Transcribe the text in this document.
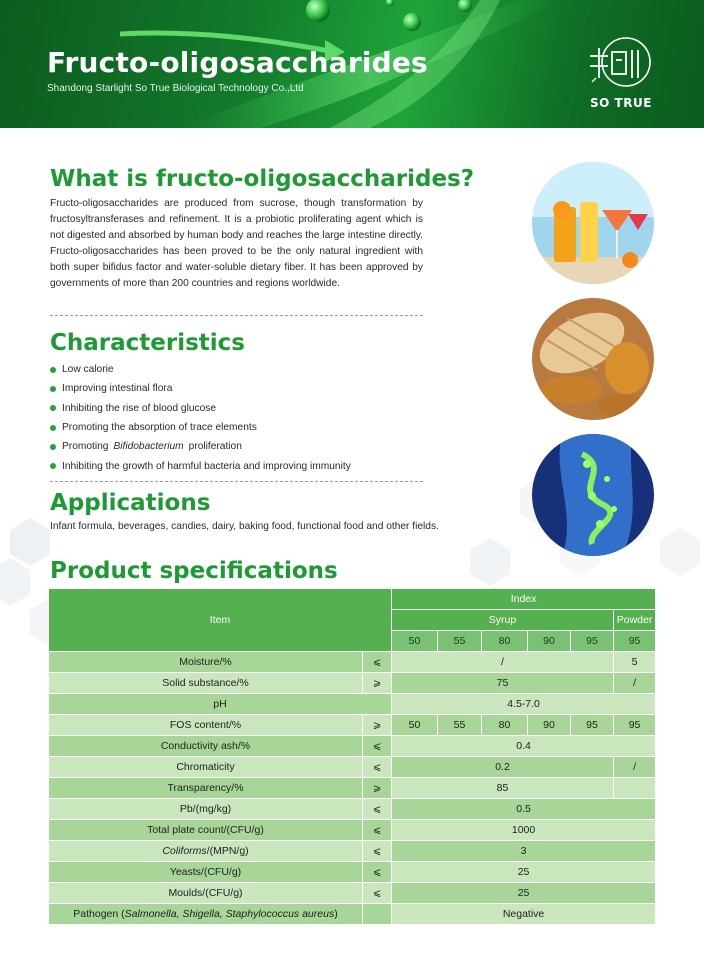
Fructo-oligosaccharides
Shandong Starlight So True Biological Technology Co.,Ltd
SO TRUE
What is fructo-oligosaccharides?
Fructo-oligosaccharides are produced from sucrose, though transformation by fructosyltransferases and refinement. It is a probiotic proliferating agent which is not digested and absorbed by human body and reaches the large intestine directly. Fructo-oligosaccharides has been proved to be the only natural ingredient with both super bifidus factor and water-soluble dietary fiber. It has been approved by governments of more than 200 countries and regions worldwide.
Characteristics
Low calorie
Improving intestinal flora
Inhibiting the rise of blood glucose
Promoting the absorption of trace elements
Promoting Bifidobacterium proliferation
Inhibiting the growth of harmful bacteria and improving immunity
Applications
Infant formula, beverages, candies, dairy, baking food, functional food and other fields.
Product specifications
Item		Index					
		Syrup					Powder
		50	55	80	90	95	95
Moisture/%	⩽	/					5
Solid substance/%	⩾	75					/
pH		4.5-7.0					
FOS content/%	⩾	50	55	80	90	95	95
Conductivity ash/%	⩽	0.4					
Chromaticity	⩽	0.2					/
Transparency/%	⩾	85					
Pb/(mg/kg)	⩽	0.5					
Total plate count/(CFU/g)	⩽	1000					
Coliforms/(MPN/g)	⩽	3					
Yeasts/(CFU/g)	⩽	25					
Moulds/(CFU/g)	⩽	25					
Pathogen (Salmonella, Shigella, Staphylococcus aureus)		Negative					
